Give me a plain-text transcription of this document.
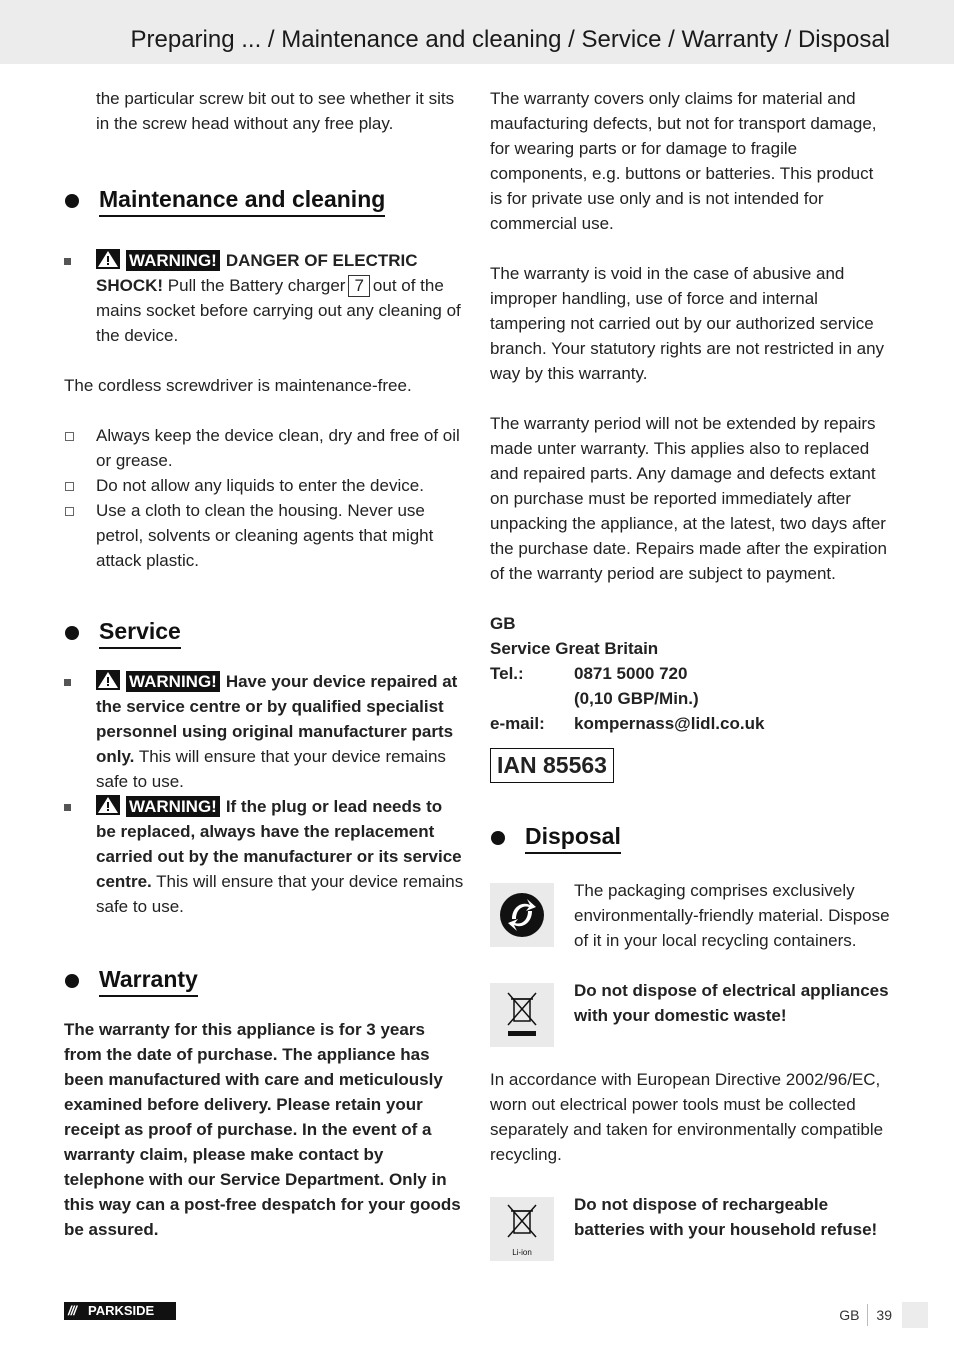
Preparing ... / Maintenance and cleaning / Service / Warranty / Disposal

the particular screw bit out to see whether it sits in the screw head without any free play.

Maintenance and cleaning
WARNING! DANGER OF ELECTRIC SHOCK! Pull the Battery charger 7 out of the mains socket before carrying out any cleaning of the device.

The cordless screwdriver is maintenance-free.

Always keep the device clean, dry and free of oil or grease.
Do not allow any liquids to enter the device.
Use a cloth to clean the housing. Never use petrol, solvents or cleaning agents that might attack plastic.
Service
WARNING! Have your device repaired at the service centre or by qualified specialist personnel using original manufacturer parts only. This will ensure that your device remains safe to use.
WARNING! If the plug or lead needs to be replaced, always have the replacement carried out by the manufacturer or its service centre. This will ensure that your device remains safe to use.
Warranty

The warranty for this appliance is for 3 years from the date of purchase. The appliance has been manufactured with care and meticulously examined before delivery. Please retain your receipt as proof of purchase. In the event of a warranty claim, please make contact by telephone with our Service Department. Only in this way can a post-free despatch for your goods be assured.

The warranty covers only claims for material and maufacturing defects, but not for transport damage, for wearing parts or for damage to fragile components, e.g. buttons or batteries. This product is for private use only and is not intended for commercial use.

The warranty is void in the case of abusive and improper handling, use of force and internal tampering not carried out by our authorized service branch. Your statutory rights are not restricted in any way by this warranty.

The warranty period will not be extended by repairs made unter warranty. This applies also to replaced and repaired parts. Any damage and defects extant on purchase must be reported immediately after unpacking the appliance, at the latest, two days after the purchase date. Repairs made after the expiration of the warranty period are subject to payment.

GB
Service Great Britain
Tel.:	0871 5000 720
(0,10 GBP/Min.)
e-mail:	kompernass@lidl.co.uk
IAN 85563
Disposal

The packaging comprises exclusively environmentally-friendly material. Dispose of it in your local recycling containers.

Do not dispose of electrical appliances with your domestic waste!

In accordance with European Directive 2002/96/EC, worn out electrical power tools must be collected separately and taken for environmentally compatible recycling.

Li-ion

Do not dispose of rechargeable batteries with your household refuse!

/// PARKSIDE	GB 39
